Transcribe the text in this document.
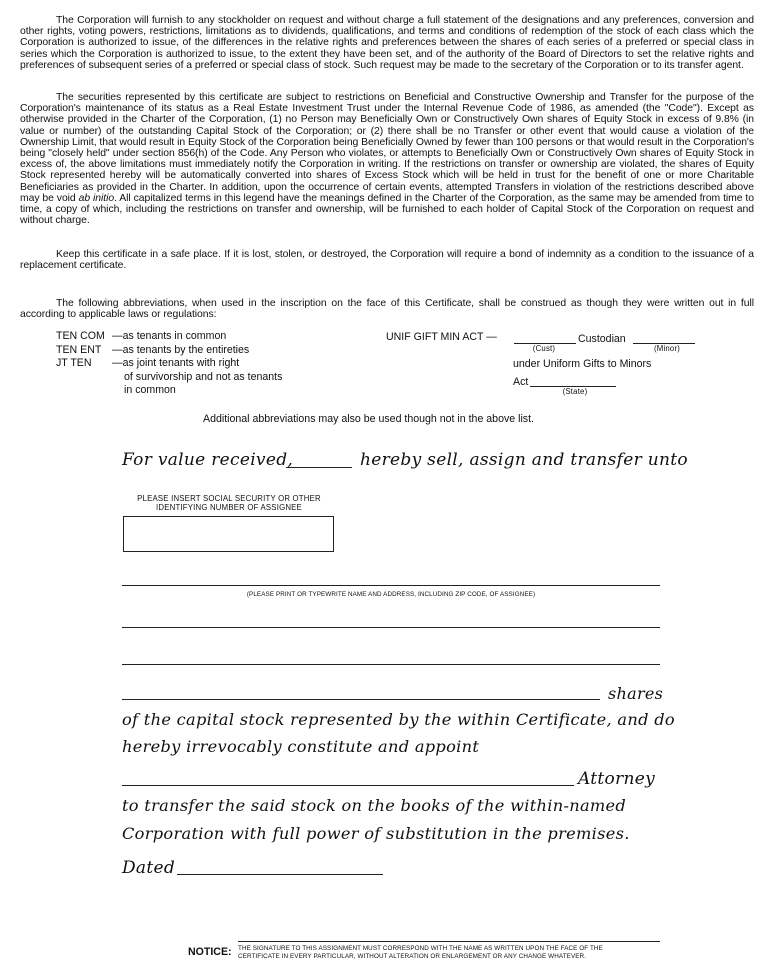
The Corporation will furnish to any stockholder on request and without charge a full statement of the designations and any preferences, conversion and other rights, voting powers, restrictions, limitations as to dividends, qualifications, and terms and conditions of redemption of the stock of each class which the Corporation is authorized to issue, of the differences in the relative rights and preferences between the shares of each series of a preferred or special class in series which the Corporation is authorized to issue, to the extent they have been set, and of the authority of the Board of Directors to set the relative rights and preferences of subsequent series of a preferred or special class of stock. Such request may be made to the secretary of the Corporation or to its transfer agent.
The securities represented by this certificate are subject to restrictions on Beneficial and Constructive Ownership and Transfer for the purpose of the Corporation's maintenance of its status as a Real Estate Investment Trust under the Internal Revenue Code of 1986, as amended (the "Code"). Except as otherwise provided in the Charter of the Corporation, (1) no Person may Beneficially Own or Constructively Own shares of Equity Stock in excess of 9.8% (in value or number) of the outstanding Capital Stock of the Corporation; or (2) there shall be no Transfer or other event that would cause a violation of the Ownership Limit, that would result in Equity Stock of the Corporation being Beneficially Owned by fewer than 100 persons or that would result in the Corporation's being "closely held" under section 856(h) of the Code. Any Person who violates, or attempts to Beneficially Own or Constructively Own shares of Equity Stock in excess of, the above limitations must immediately notify the Corporation in writing. If the restrictions on transfer or ownership are violated, the shares of Equity Stock represented hereby will be automatically converted into shares of Excess Stock which will be held in trust for the benefit of one or more Charitable Beneficiaries as provided in the Charter. In addition, upon the occurrence of certain events, attempted Transfers in violation of the restrictions described above may be void ab initio. All capitalized terms in this legend have the meanings defined in the Charter of the Corporation, as the same may be amended from time to time, a copy of which, including the restrictions on transfer and ownership, will be furnished to each holder of Capital Stock of the Corporation on request and without charge.
Keep this certificate in a safe place. If it is lost, stolen, or destroyed, the Corporation will require a bond of indemnity as a condition to the issuance of a replacement certificate.
The following abbreviations, when used in the inscription on the face of this Certificate, shall be construed as though they were written out in full according to applicable laws or regulations:
TEN COM —as tenants in common
TEN ENT —as tenants by the entireties
JT TEN —as joint tenants with right
of survivorship and not as tenants
in common
UNIF GIFT MIN ACT —	Custodian
(Cust)	(Minor)
under Uniform Gifts to Minors
Act
(State)
Additional abbreviations may also be used though not in the above list.
For value received,	hereby sell, assign and transfer unto
PLEASE INSERT SOCIAL SECURITY OR OTHER
IDENTIFYING NUMBER OF ASSIGNEE
(PLEASE PRINT OR TYPEWRITE NAME AND ADDRESS, INCLUDING ZIP CODE, OF ASSIGNEE)
shares
of the capital stock represented by the within Certificate, and do
hereby irrevocably constitute and appoint
Attorney
to transfer the said stock on the books of the within-named
Corporation with full power of substitution in the premises.
Dated
NOTICE: THE SIGNATURE TO THIS ASSIGNMENT MUST CORRESPOND WITH THE NAME AS WRITTEN UPON THE FACE OF THE
CERTIFICATE IN EVERY PARTICULAR, WITHOUT ALTERATION OR ENLARGEMENT OR ANY CHANGE WHATEVER.
